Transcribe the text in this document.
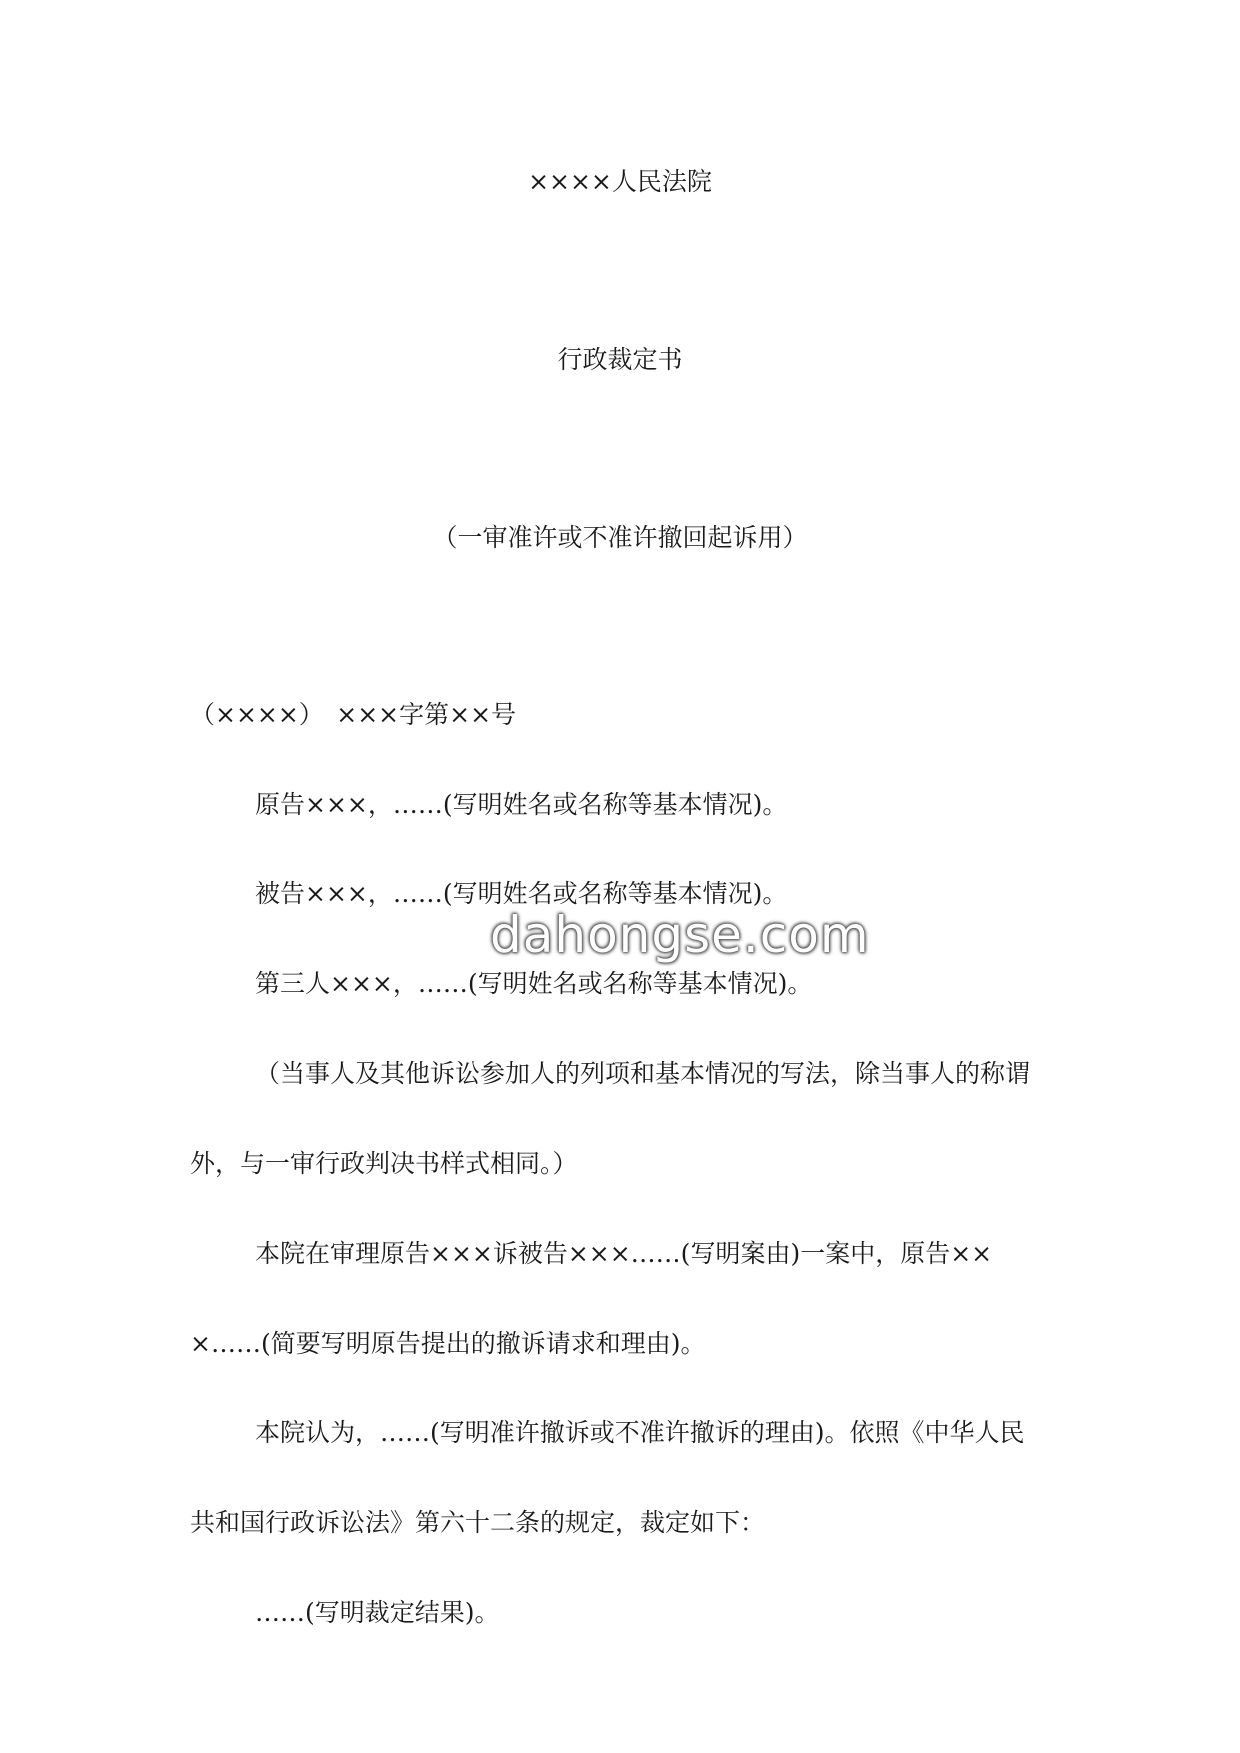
××××人民法院
行政裁定书
（一审准许或不准许撤回起诉用）
（××××）　×××字第××号
原告×××，……(写明姓名或名称等基本情况)。
被告×××，……(写明姓名或名称等基本情况)。
第三人×××，……(写明姓名或名称等基本情况)。
（当事人及其他诉讼参加人的列项和基本情况的写法，除当事人的称谓
外，与一审行政判决书样式相同。）
本院在审理原告×××诉被告×××……(写明案由)一案中，原告××
×……(简要写明原告提出的撤诉请求和理由)。
本院认为，……(写明准许撤诉或不准许撤诉的理由)。依照《中华人民
共和国行政诉讼法》第六十二条的规定，裁定如下：
……(写明裁定结果)。
dahongse.com
